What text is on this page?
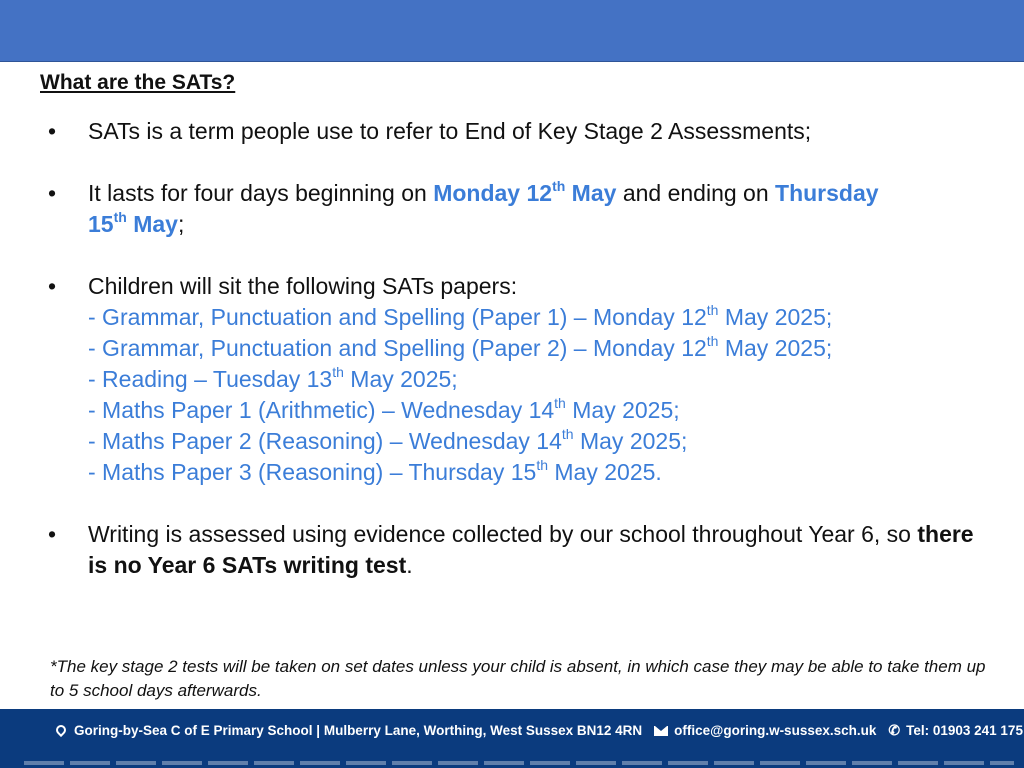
What are the SATs?
• SATs is a term people use to refer to End of Key Stage 2 Assessments;
• It lasts for four days beginning on Monday 12th May and ending on Thursday
15th May;
• Children will sit the following SATs papers:
- Grammar, Punctuation and Spelling (Paper 1) – Monday 12th May 2025;
- Grammar, Punctuation and Spelling (Paper 2) – Monday 12th May 2025;
- Reading – Tuesday 13th May 2025;
- Maths Paper 1 (Arithmetic) – Wednesday 14th May 2025;
- Maths Paper 2 (Reasoning) – Wednesday 14th May 2025;
- Maths Paper 3 (Reasoning) – Thursday 15th May 2025.
• Writing is assessed using evidence collected by our school throughout Year 6, so there is no Year 6 SATs writing test.
*The key stage 2 tests will be taken on set dates unless your child is absent, in which case they may be able to take them up to 5 school days afterwards.
Goring-by-Sea C of E Primary School | Mulberry Lane, Worthing, West Sussex BN12 4RN office@goring.w-sussex.sch.uk ✆ Tel: 01903 241 175
